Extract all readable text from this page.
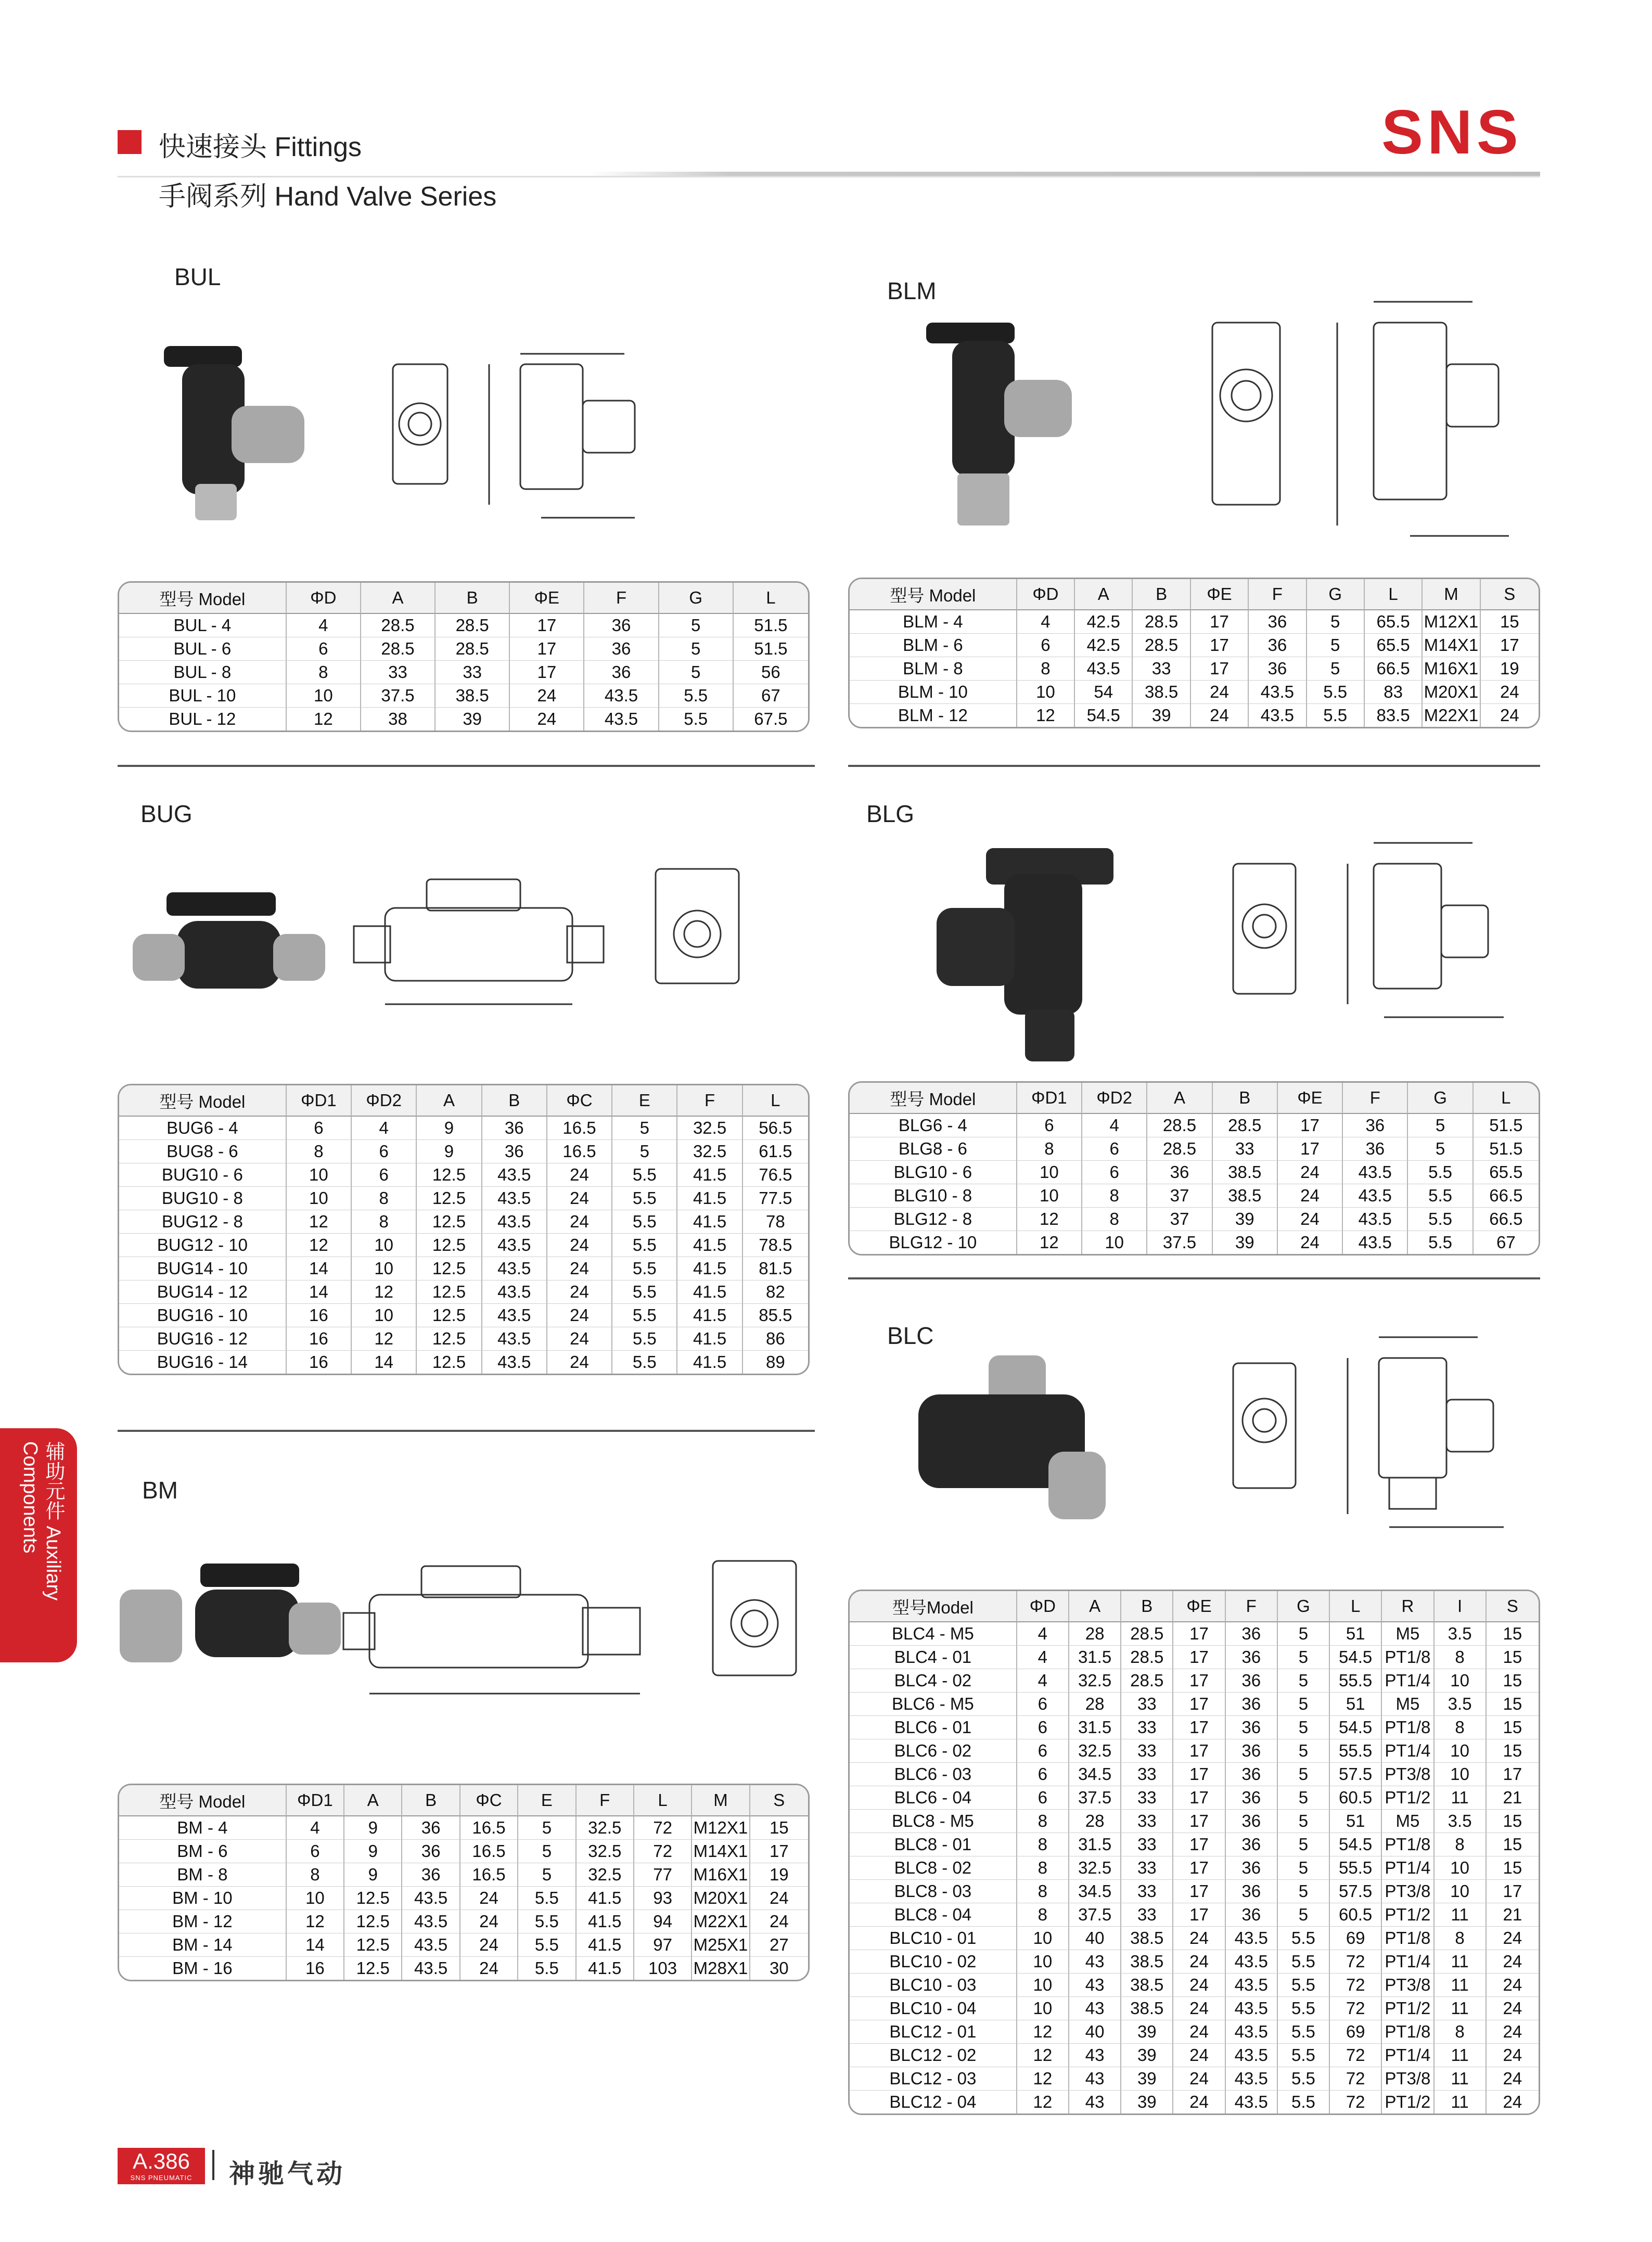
快速接头 Fittings
手阀系列 Hand Valve Series
SNS
辅助元件 Auxiliary Components
BUL
BLM
BUG	BLG
BM
BLC
型号 Model	ΦD	A	B	ΦE	F	G	L
BUL - 4	4	28.5	28.5	17	36	5	51.5
BUL - 6	6	28.5	28.5	17	36	5	51.5
BUL - 8	8	33	33	17	36	5	56
BUL - 10	10	37.5	38.5	24	43.5	5.5	67
BUL - 12	12	38	39	24	43.5	5.5	67.5
型号 Model	ΦD	A	B	ΦE	F	G	L	M	S
BLM - 4	4	42.5	28.5	17	36	5	65.5	M12X1	15
BLM - 6	6	42.5	28.5	17	36	5	65.5	M14X1	17
BLM - 8	8	43.5	33	17	36	5	66.5	M16X1	19
BLM - 10	10	54	38.5	24	43.5	5.5	83	M20X1	24
BLM - 12	12	54.5	39	24	43.5	5.5	83.5	M22X1	24
型号 Model	ΦD1	ΦD2	A	B	ΦC	E	F	L
BUG6 - 4	6	4	9	36	16.5	5	32.5	56.5
BUG8 - 6	8	6	9	36	16.5	5	32.5	61.5
BUG10 - 6	10	6	12.5	43.5	24	5.5	41.5	76.5
BUG10 - 8	10	8	12.5	43.5	24	5.5	41.5	77.5
BUG12 - 8	12	8	12.5	43.5	24	5.5	41.5	78
BUG12 - 10	12	10	12.5	43.5	24	5.5	41.5	78.5
BUG14 - 10	14	10	12.5	43.5	24	5.5	41.5	81.5
BUG14 - 12	14	12	12.5	43.5	24	5.5	41.5	82
BUG16 - 10	16	10	12.5	43.5	24	5.5	41.5	85.5
BUG16 - 12	16	12	12.5	43.5	24	5.5	41.5	86
BUG16 - 14	16	14	12.5	43.5	24	5.5	41.5	89
型号 Model	ΦD1	ΦD2	A	B	ΦE	F	G	L
BLG6 - 4	6	4	28.5	28.5	17	36	5	51.5
BLG8 - 6	8	6	28.5	33	17	36	5	51.5
BLG10 - 6	10	6	36	38.5	24	43.5	5.5	65.5
BLG10 - 8	10	8	37	38.5	24	43.5	5.5	66.5
BLG12 - 8	12	8	37	39	24	43.5	5.5	66.5
BLG12 - 10	12	10	37.5	39	24	43.5	5.5	67
型号 Model	ΦD1	A	B	ΦC	E	F	L	M	S
BM - 4	4	9	36	16.5	5	32.5	72	M12X1	15
BM - 6	6	9	36	16.5	5	32.5	72	M14X1	17
BM - 8	8	9	36	16.5	5	32.5	77	M16X1	19
BM - 10	10	12.5	43.5	24	5.5	41.5	93	M20X1	24
BM - 12	12	12.5	43.5	24	5.5	41.5	94	M22X1	24
BM - 14	14	12.5	43.5	24	5.5	41.5	97	M25X1	27
BM - 16	16	12.5	43.5	24	5.5	41.5	103	M28X1	30
型号Model	ΦD	A	B	ΦE	F	G	L	R	I	S
BLC4 - M5	4	28	28.5	17	36	5	51	M5	3.5	15
BLC4 - 01	4	31.5	28.5	17	36	5	54.5	PT1/8	8	15
BLC4 - 02	4	32.5	28.5	17	36	5	55.5	PT1/4	10	15
BLC6 - M5	6	28	33	17	36	5	51	M5	3.5	15
BLC6 - 01	6	31.5	33	17	36	5	54.5	PT1/8	8	15
BLC6 - 02	6	32.5	33	17	36	5	55.5	PT1/4	10	15
BLC6 - 03	6	34.5	33	17	36	5	57.5	PT3/8	10	17
BLC6 - 04	6	37.5	33	17	36	5	60.5	PT1/2	11	21
BLC8 - M5	8	28	33	17	36	5	51	M5	3.5	15
BLC8 - 01	8	31.5	33	17	36	5	54.5	PT1/8	8	15
BLC8 - 02	8	32.5	33	17	36	5	55.5	PT1/4	10	15
BLC8 - 03	8	34.5	33	17	36	5	57.5	PT3/8	10	17
BLC8 - 04	8	37.5	33	17	36	5	60.5	PT1/2	11	21
BLC10 - 01	10	40	38.5	24	43.5	5.5	69	PT1/8	8	24
BLC10 - 02	10	43	38.5	24	43.5	5.5	72	PT1/4	11	24
BLC10 - 03	10	43	38.5	24	43.5	5.5	72	PT3/8	11	24
BLC10 - 04	10	43	38.5	24	43.5	5.5	72	PT1/2	11	24
BLC12 - 01	12	40	39	24	43.5	5.5	69	PT1/8	8	24
BLC12 - 02	12	43	39	24	43.5	5.5	72	PT1/4	11	24
BLC12 - 03	12	43	39	24	43.5	5.5	72	PT3/8	11	24
BLC12 - 04	12	43	39	24	43.5	5.5	72	PT1/2	11	24
A.386
SNS PNEUMATIC	神驰气动
